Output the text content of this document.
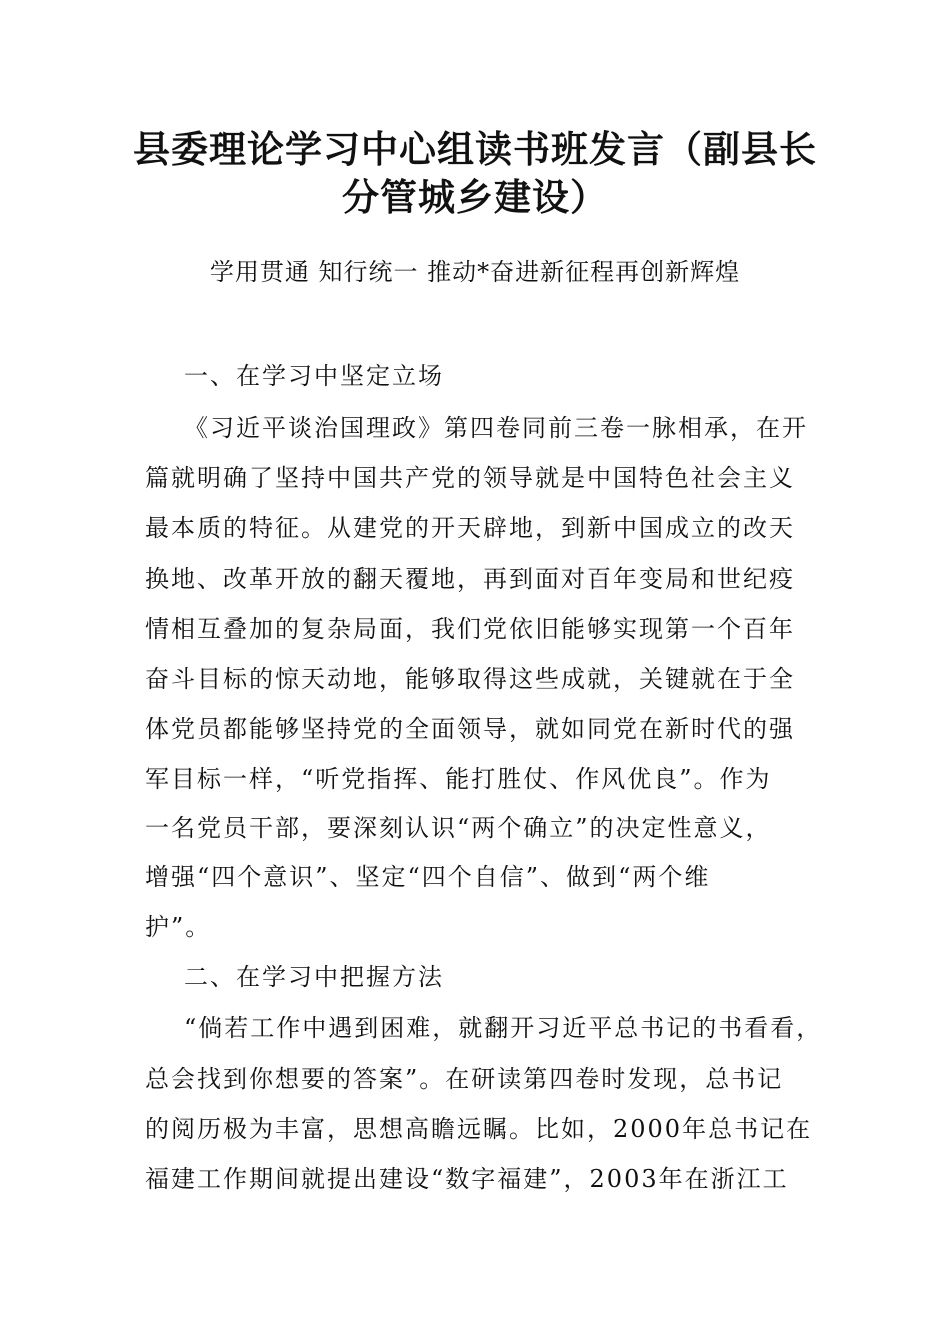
县委理论学习中心组读书班发言（副县长
分管城乡建设）
学用贯通 知行统一 推动*奋进新征程再创新辉煌
一、在学习中坚定立场
《习近平谈治国理政》第四卷同前三卷一脉相承，在开
篇就明确了坚持中国共产党的领导就是中国特色社会主义
最本质的特征。从建党的开天辟地，到新中国成立的改天
换地、改革开放的翻天覆地，再到面对百年变局和世纪疫
情相互叠加的复杂局面，我们党依旧能够实现第一个百年
奋斗目标的惊天动地，能够取得这些成就，关键就在于全
体党员都能够坚持党的全面领导，就如同党在新时代的强
军目标一样，“听党指挥、能打胜仗、作风优良”。作为
一名党员干部，要深刻认识“两个确立”的决定性意义，
增强“四个意识”、坚定“四个自信”、做到“两个维
护”。
二、在学习中把握方法
“倘若工作中遇到困难，就翻开习近平总书记的书看看，
总会找到你想要的答案”。在研读第四卷时发现，总书记
的阅历极为丰富，思想高瞻远瞩。比如，2000年总书记在
福建工作期间就提出建设“数字福建”，2003年在浙江工
